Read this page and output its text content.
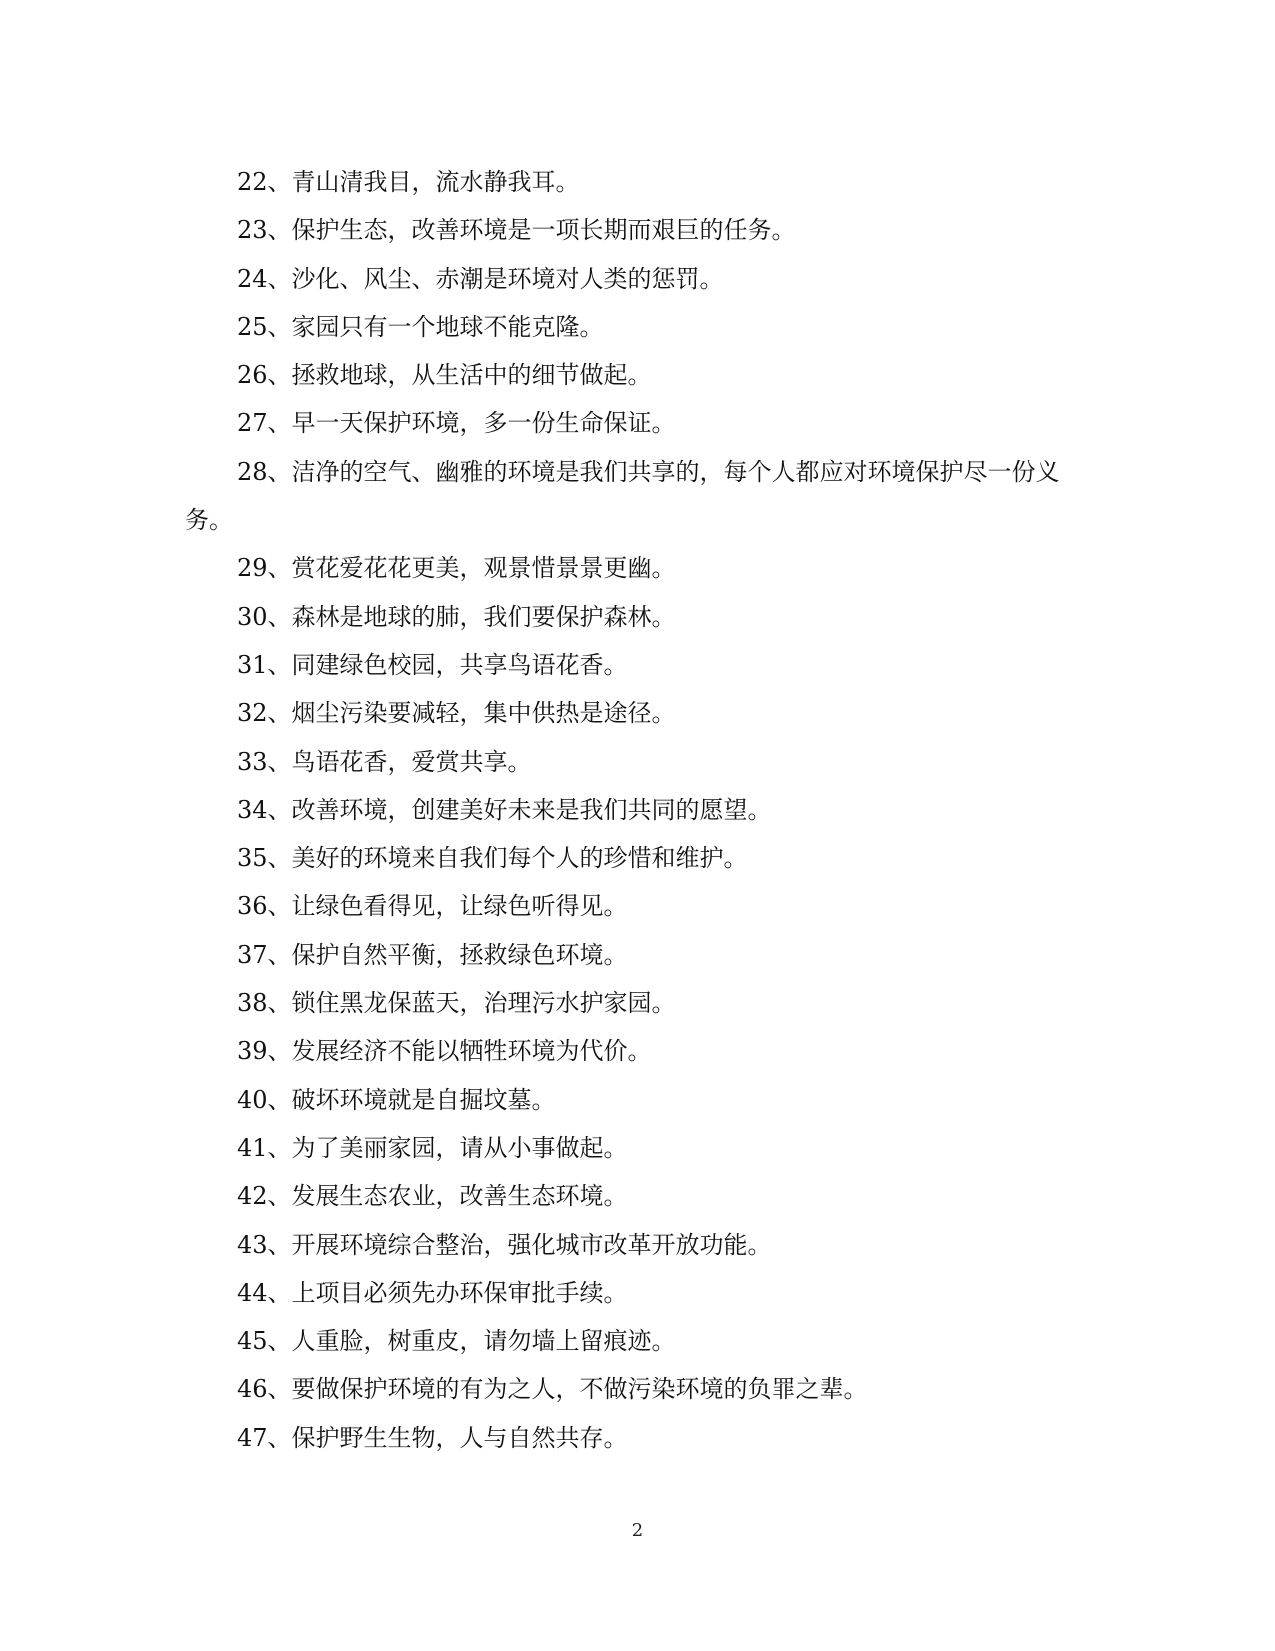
22、青山清我目，流水静我耳。

23、保护生态，改善环境是一项长期而艰巨的任务。

24、沙化、风尘、赤潮是环境对人类的惩罚。

25、家园只有一个地球不能克隆。

26、拯救地球，从生活中的细节做起。

27、早一天保护环境，多一份生命保证。

28、洁净的空气、幽雅的环境是我们共享的，每个人都应对环境保护尽一份义务。

29、赏花爱花花更美，观景惜景景更幽。

30、森林是地球的肺，我们要保护森林。

31、同建绿色校园，共享鸟语花香。

32、烟尘污染要减轻，集中供热是途径。

33、鸟语花香，爱赏共享。

34、改善环境，创建美好未来是我们共同的愿望。

35、美好的环境来自我们每个人的珍惜和维护。

36、让绿色看得见，让绿色听得见。

37、保护自然平衡，拯救绿色环境。

38、锁住黑龙保蓝天，治理污水护家园。

39、发展经济不能以牺牲环境为代价。

40、破坏环境就是自掘坟墓。

41、为了美丽家园，请从小事做起。

42、发展生态农业，改善生态环境。

43、开展环境综合整治，强化城市改革开放功能。

44、上项目必须先办环保审批手续。

45、人重脸，树重皮，请勿墙上留痕迹。

46、要做保护环境的有为之人，不做污染环境的负罪之辈。

47、保护野生生物，人与自然共存。

2
